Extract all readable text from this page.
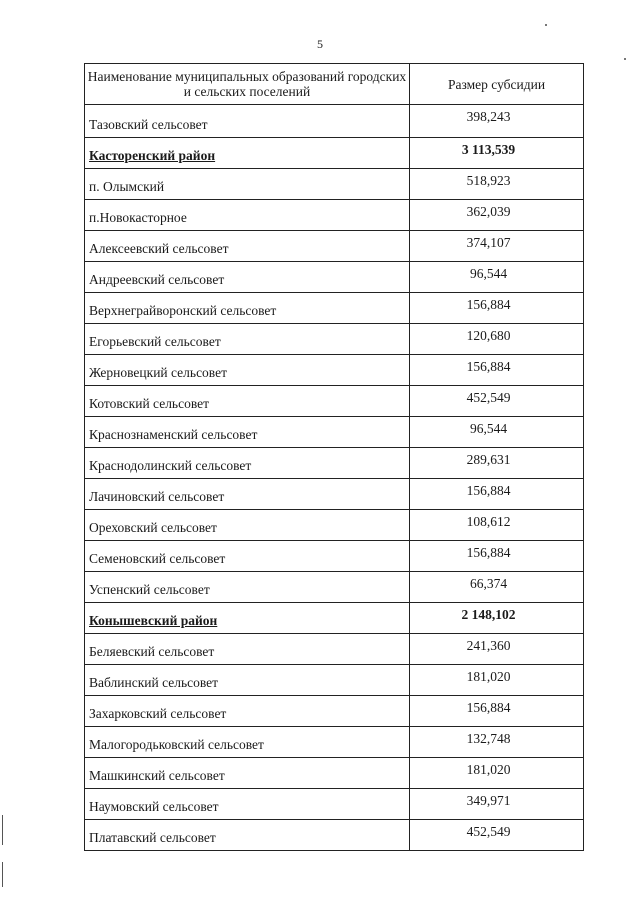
5
Наименование муниципальных образований городских и сельских поселений	Размер субсидии
Тазовский сельсовет	398,243
Касторенский район	3 113,539
п. Олымский	518,923
п.Новокасторное	362,039
Алексеевский сельсовет	374,107
Андреевский сельсовет	96,544
Верхнеграйворонский сельсовет	156,884
Егорьевский сельсовет	120,680
Жерновецкий сельсовет	156,884
Котовский сельсовет	452,549
Краснознаменский сельсовет	96,544
Краснодолинский сельсовет	289,631
Лачиновский сельсовет	156,884
Ореховский сельсовет	108,612
Семеновский сельсовет	156,884
Успенский сельсовет	66,374
Конышевский район	2 148,102
Беляевский сельсовет	241,360
Ваблинский сельсовет	181,020
Захарковский сельсовет	156,884
Малогородьковский сельсовет	132,748
Машкинский сельсовет	181,020
Наумовский сельсовет	349,971
Платавский сельсовет	452,549
